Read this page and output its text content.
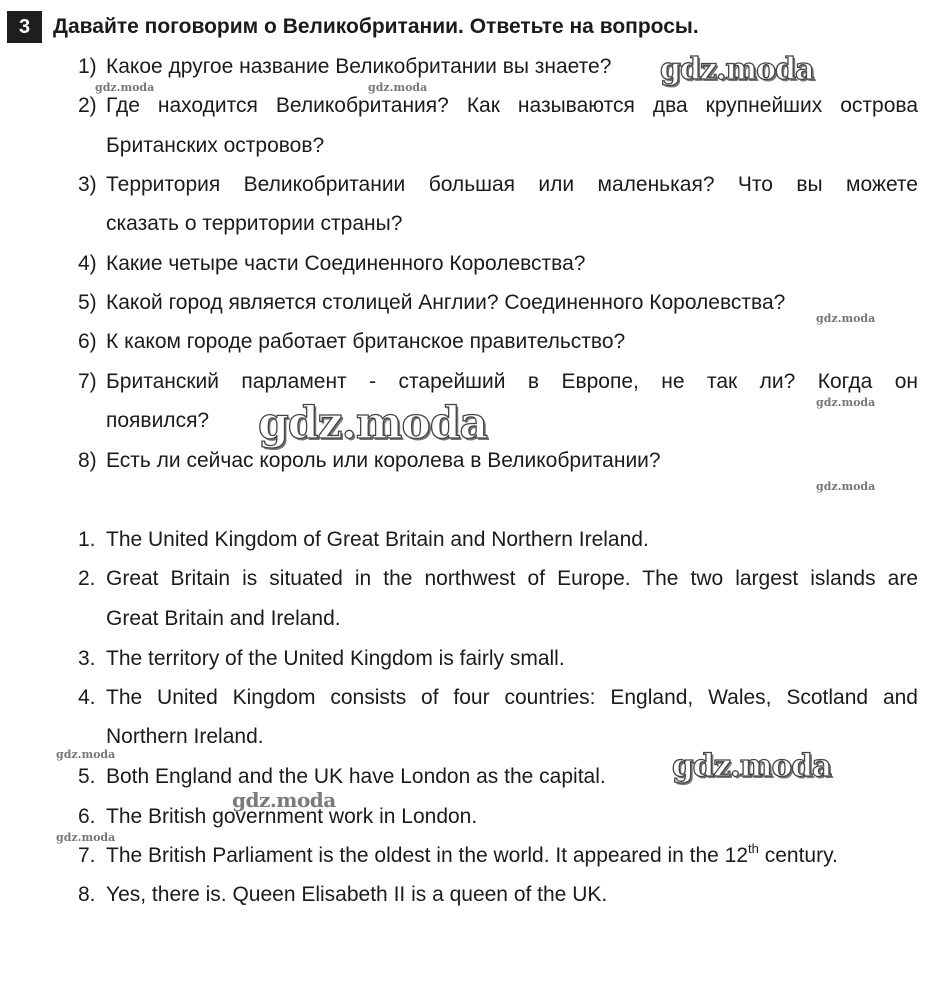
3	Давайте поговорим о Великобритании. Ответьте на вопросы.
1) Какое другое название Великобритании вы знаете?
2) Где находится Великобритания? Как называются два крупнейших острова
Британских островов?
3) Территория Великобритании большая или маленькая? Что вы можете
сказать о территории страны?
4) Какие четыре части Соединенного Королевства?
5) Какой город является столицей Англии? Соединенного Королевства?
6) К каком городе работает британское правительство?
7) Британский парламент - старейший в Европе, не так ли? Когда он
появился?
8) Есть ли сейчас король или королева в Великобритании?
1. The United Kingdom of Great Britain and Northern Ireland.
2. Great Britain is situated in the northwest of Europe. The two largest islands are
Great Britain and Ireland.
3. The territory of the United Kingdom is fairly small.
4. The United Kingdom consists of four countries: England, Wales, Scotland and
Northern Ireland.
5. Both England and the UK have London as the capital.
6. The British government work in London.
7. The British Parliament is the oldest in the world. It appeared in the 12th century.
8. Yes, there is. Queen Elisabeth II is a queen of the UK.
gdz.moda
gdz.moda	gdz.moda
gdz.moda
gdz.moda
gdz.moda
gdz.moda
gdz.moda	gdz.moda
gdz.moda
gdz.moda
